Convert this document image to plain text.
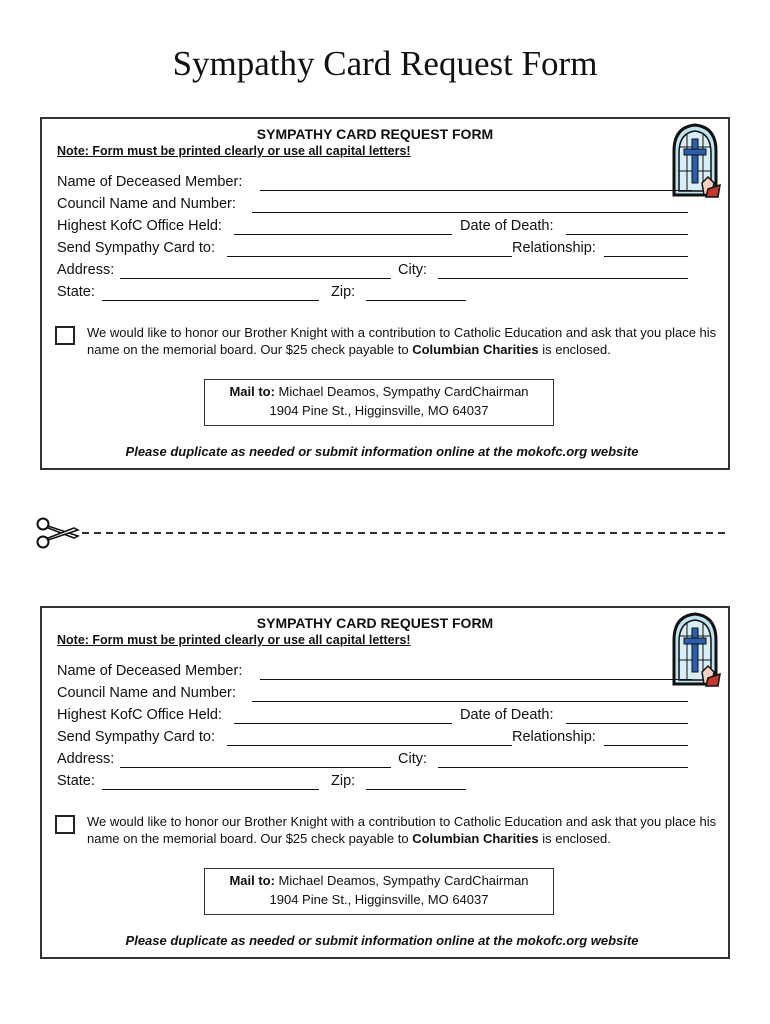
Sympathy Card Request Form
SYMPATHY CARD REQUEST FORM
Note: Form must be printed clearly or use all capital letters!
Name of Deceased Member:
Council Name and Number:
Highest KofC Office Held:	Date of Death:
Send Sympathy Card to:	Relationship:
Address:	City:
State:	Zip:
We would like to honor our Brother Knight with a contribution to Catholic Education and ask that you place his name on the memorial board. Our $25 check payable to Columbian Charities is enclosed.
Mail to: Michael Deamos, Sympathy CardChairman
1904 Pine St., Higginsville, MO 64037
Please duplicate as needed or submit information online at the mokofc.org website
SYMPATHY CARD REQUEST FORM
Note: Form must be printed clearly or use all capital letters!
Name of Deceased Member:
Council Name and Number:
Highest KofC Office Held:	Date of Death:
Send Sympathy Card to:	Relationship:
Address:	City:
State:	Zip:
We would like to honor our Brother Knight with a contribution to Catholic Education and ask that you place his name on the memorial board. Our $25 check payable to Columbian Charities is enclosed.
Mail to: Michael Deamos, Sympathy CardChairman
1904 Pine St., Higginsville, MO 64037
Please duplicate as needed or submit information online at the mokofc.org website
